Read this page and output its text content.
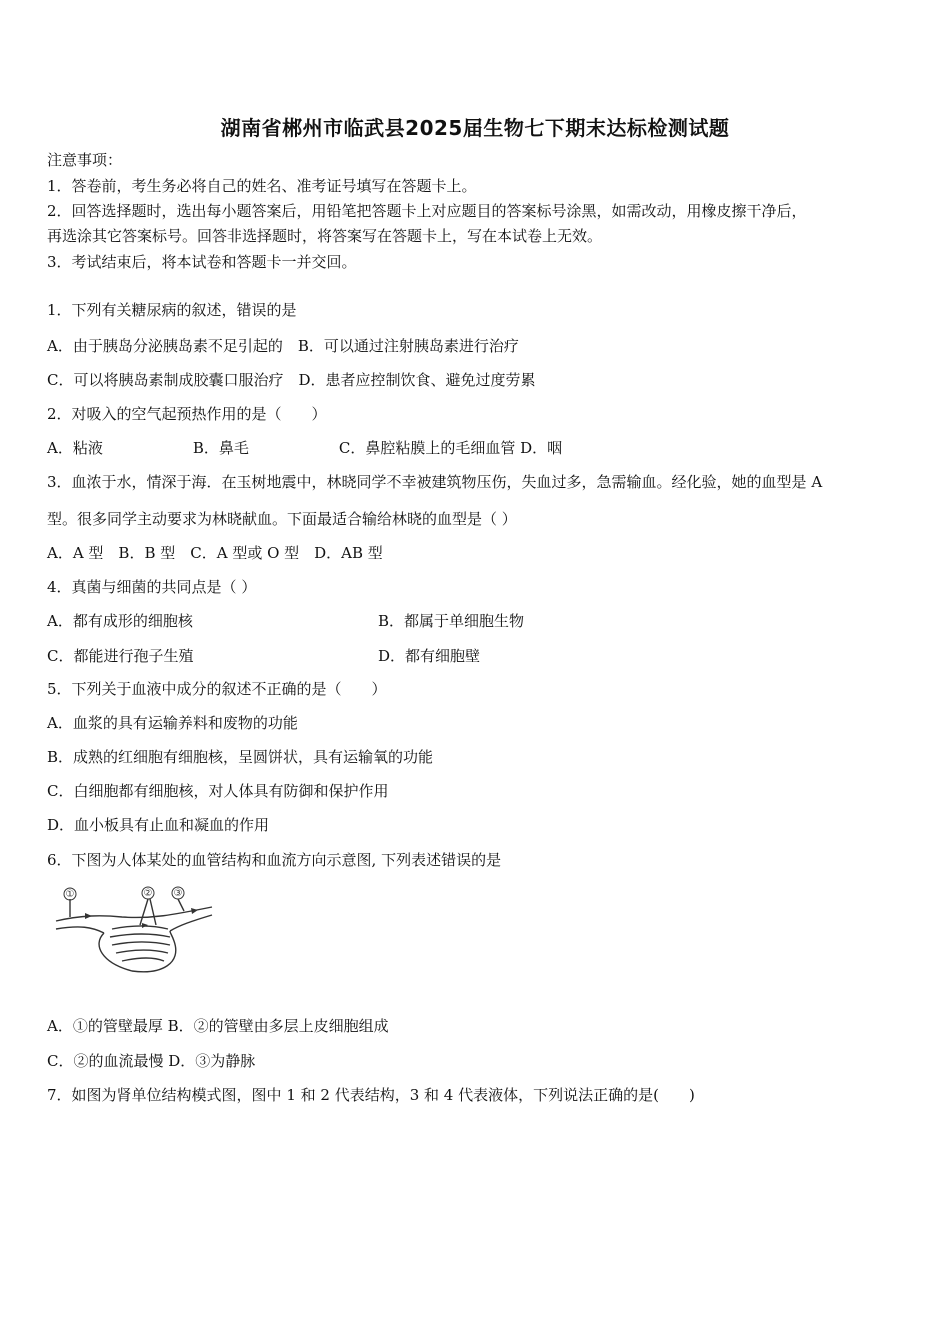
湖南省郴州市临武县2025届生物七下期末达标检测试题
注意事项：
1．答卷前，考生务必将自己的姓名、准考证号填写在答题卡上。
2．回答选择题时，选出每小题答案后，用铅笔把答题卡上对应题目的答案标号涂黑，如需改动，用橡皮擦干净后，
再选涂其它答案标号。回答非选择题时，将答案写在答题卡上，写在本试卷上无效。
3．考试结束后，将本试卷和答题卡一并交回。
1．下列有关糖尿病的叙述，错误的是
A．由于胰岛分泌胰岛素不足引起的　B．可以通过注射胰岛素进行治疗
C．可以将胰岛素制成胶囊口服治疗　D．患者应控制饮食、避免过度劳累
2．对吸入的空气起预热作用的是（　　）
A．粘液　　　　　　B．鼻毛　　　　　　C．鼻腔粘膜上的毛细血管 D．咽
3．血浓于水，情深于海．在玉树地震中，林晓同学不幸被建筑物压伤，失血过多，急需输血。经化验，她的血型是 A
型。很多同学主动要求为林晓献血。下面最适合输给林晓的血型是（ ）
A．A 型　B．B 型　C．A 型或 O 型　D．AB 型
4．真菌与细菌的共同点是（ ）
A．都有成形的细胞核	B．都属于单细胞生物
C．都能进行孢子生殖	D．都有细胞壁
5．下列关于血液中成分的叙述不正确的是（　　）
A．血浆的具有运输养料和废物的功能
B．成熟的红细胞有细胞核，呈圆饼状，具有运输氧的功能
C．白细胞都有细胞核，对人体具有防御和保护作用
D．血小板具有止血和凝血的作用
6．下图为人体某处的血管结构和血流方向示意图, 下列表述错误的是
①	② ③
A．①的管壁最厚 B．②的管壁由多层上皮细胞组成
C．②的血流最慢 D．③为静脉
7．如图为肾单位结构模式图，图中 1 和 2 代表结构，3 和 4 代表液体，下列说法正确的是(　　)
